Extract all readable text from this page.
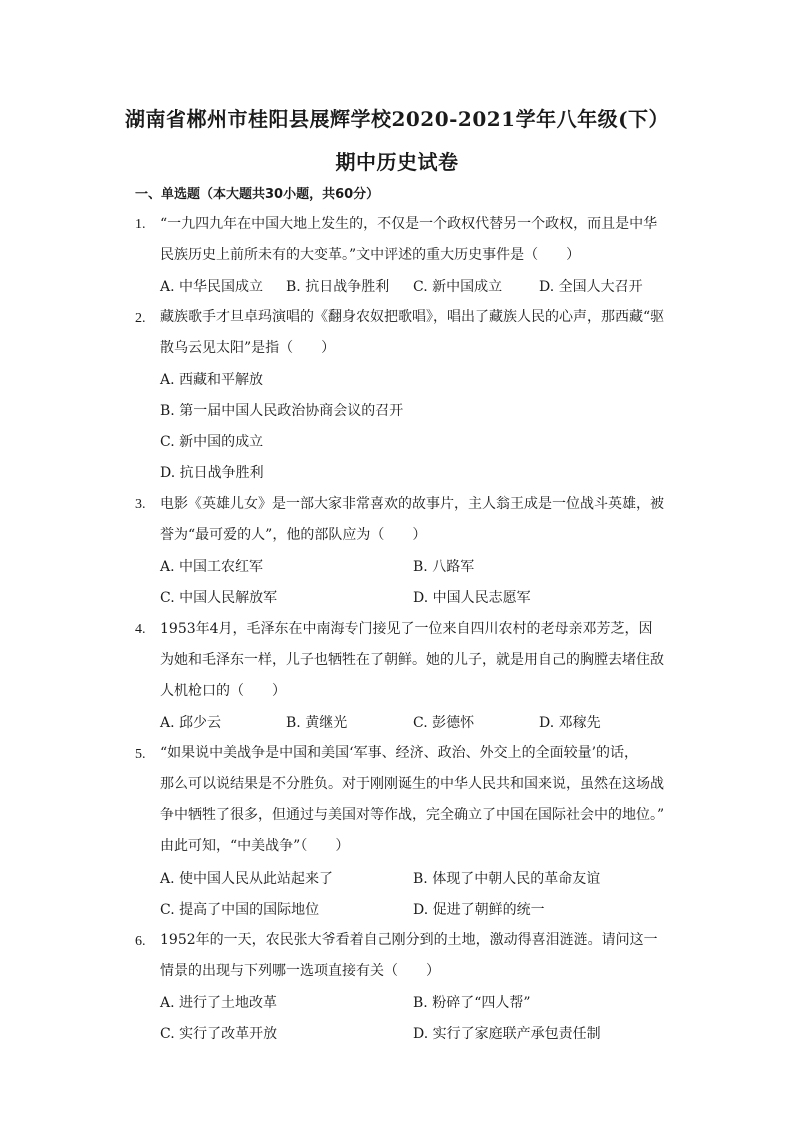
湖南省郴州市桂阳县展辉学校2020-2021学年八年级(下）
期中历史试卷
一、单选题（本大题共30小题，共60分）
1.	“一九四九年在中国大地上发生的，不仅是一个政权代替另一个政权，而且是中华
民族历史上前所未有的大变革。”文中评述的重大历史事件是（　　）
A. 中华民国成立 B. 抗日战争胜利 C. 新中国成立	D. 全国人大召开
2.	藏族歌手才旦卓玛演唱的《翻身农奴把歌唱》，唱出了藏族人民的心声，那西藏“驱
散乌云见太阳”是指（　　）
A. 西藏和平解放
B. 第一届中国人民政治协商会议的召开
C. 新中国的成立
D. 抗日战争胜利
3.	电影《英雄儿女》是一部大家非常喜欢的故事片，主人翁王成是一位战斗英雄，被
誉为“最可爱的人”，他的部队应为（　　）
A. 中国工农红军	B. 八路军
C. 中国人民解放军	D. 中国人民志愿军
4.	1953年4月，毛泽东在中南海专门接见了一位来自四川农村的老母亲邓芳芝，因
为她和毛泽东一样，儿子也牺牲在了朝鲜。她的儿子，就是用自己的胸膛去堵住敌
人机枪口的（　　）
A. 邱少云	B. 黄继光	C. 彭德怀	D. 邓稼先
5.	“如果说中美战争是中国和美国‘军事、经济、政治、外交上的全面较量’的话，
那么可以说结果是不分胜负。对于刚刚诞生的中华人民共和国来说，虽然在这场战
争中牺牲了很多，但通过与美国对等作战，完全确立了中国在国际社会中的地位。”
由此可知，“中美战争”（　　）
A. 使中国人民从此站起来了	B. 体现了中朝人民的革命友谊
C. 提高了中国的国际地位	D. 促进了朝鲜的统一
6.	1952年的一天，农民张大爷看着自己刚分到的土地，激动得喜泪涟涟。请问这一
情景的出现与下列哪一选项直接有关（　　）
A. 进行了土地改革	B. 粉碎了“四人帮”
C. 实行了改革开放	D. 实行了家庭联产承包责任制
